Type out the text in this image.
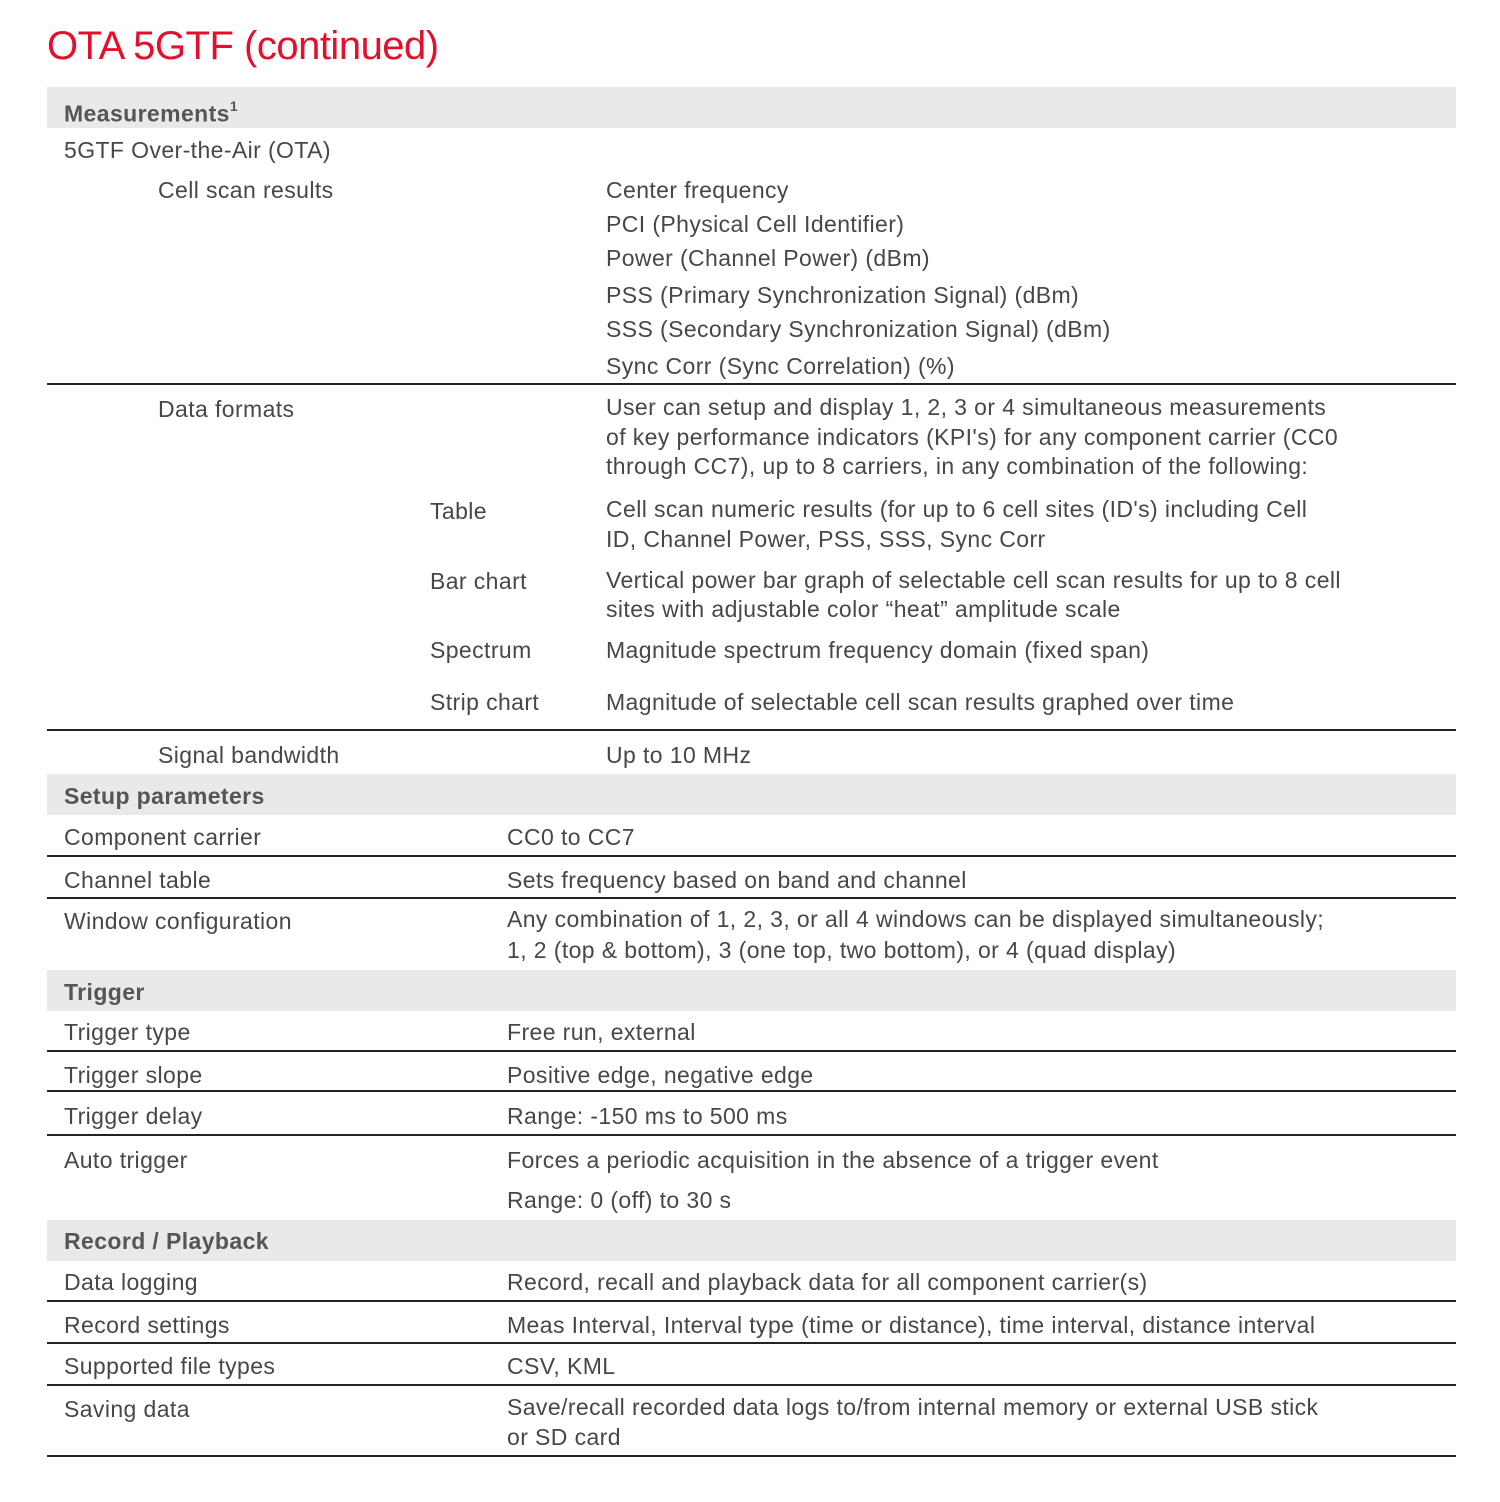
OTA 5GTF (continued)
Measurements$^1$
5GTF Over-the-Air (OTA)
Cell scan results	Center frequency
PCI (Physical Cell Identifier)
Power (Channel Power) (dBm)
PSS (Primary Synchronization Signal) (dBm)
SSS (Secondary Synchronization Signal) (dBm)
Sync Corr (Sync Correlation) (%)
Data formats	User can setup and display 1, 2, 3 or 4 simultaneous measurements
of key performance indicators (KPI's) for any component carrier (CC0
through CC7), up to 8 carriers, in any combination of the following:
Table	Cell scan numeric results (for up to 6 cell sites (ID's) including Cell
ID, Channel Power, PSS, SSS, Sync Corr
Bar chart	Vertical power bar graph of selectable cell scan results for up to 8 cell
sites with adjustable color “heat” amplitude scale
Spectrum	Magnitude spectrum frequency domain (fixed span)
Strip chart	Magnitude of selectable cell scan results graphed over time
Signal bandwidth	Up to 10 MHz
Setup parameters
Component carrier	CC0 to CC7
Channel table	Sets frequency based on band and channel
Window configuration	Any combination of 1, 2, 3, or all 4 windows can be displayed simultaneously;
1, 2 (top & bottom), 3 (one top, two bottom), or 4 (quad display)
Trigger
Trigger type	Free run, external
Trigger slope	Positive edge, negative edge
Trigger delay	Range: -150 ms to 500 ms
Auto trigger	Forces a periodic acquisition in the absence of a trigger event
Range: 0 (off) to 30 s
Record / Playback
Data logging	Record, recall and playback data for all component carrier(s)
Record settings	Meas Interval, Interval type (time or distance), time interval, distance interval
Supported file types	CSV, KML
Saving data	Save/recall recorded data logs to/from internal memory or external USB stick
or SD card
